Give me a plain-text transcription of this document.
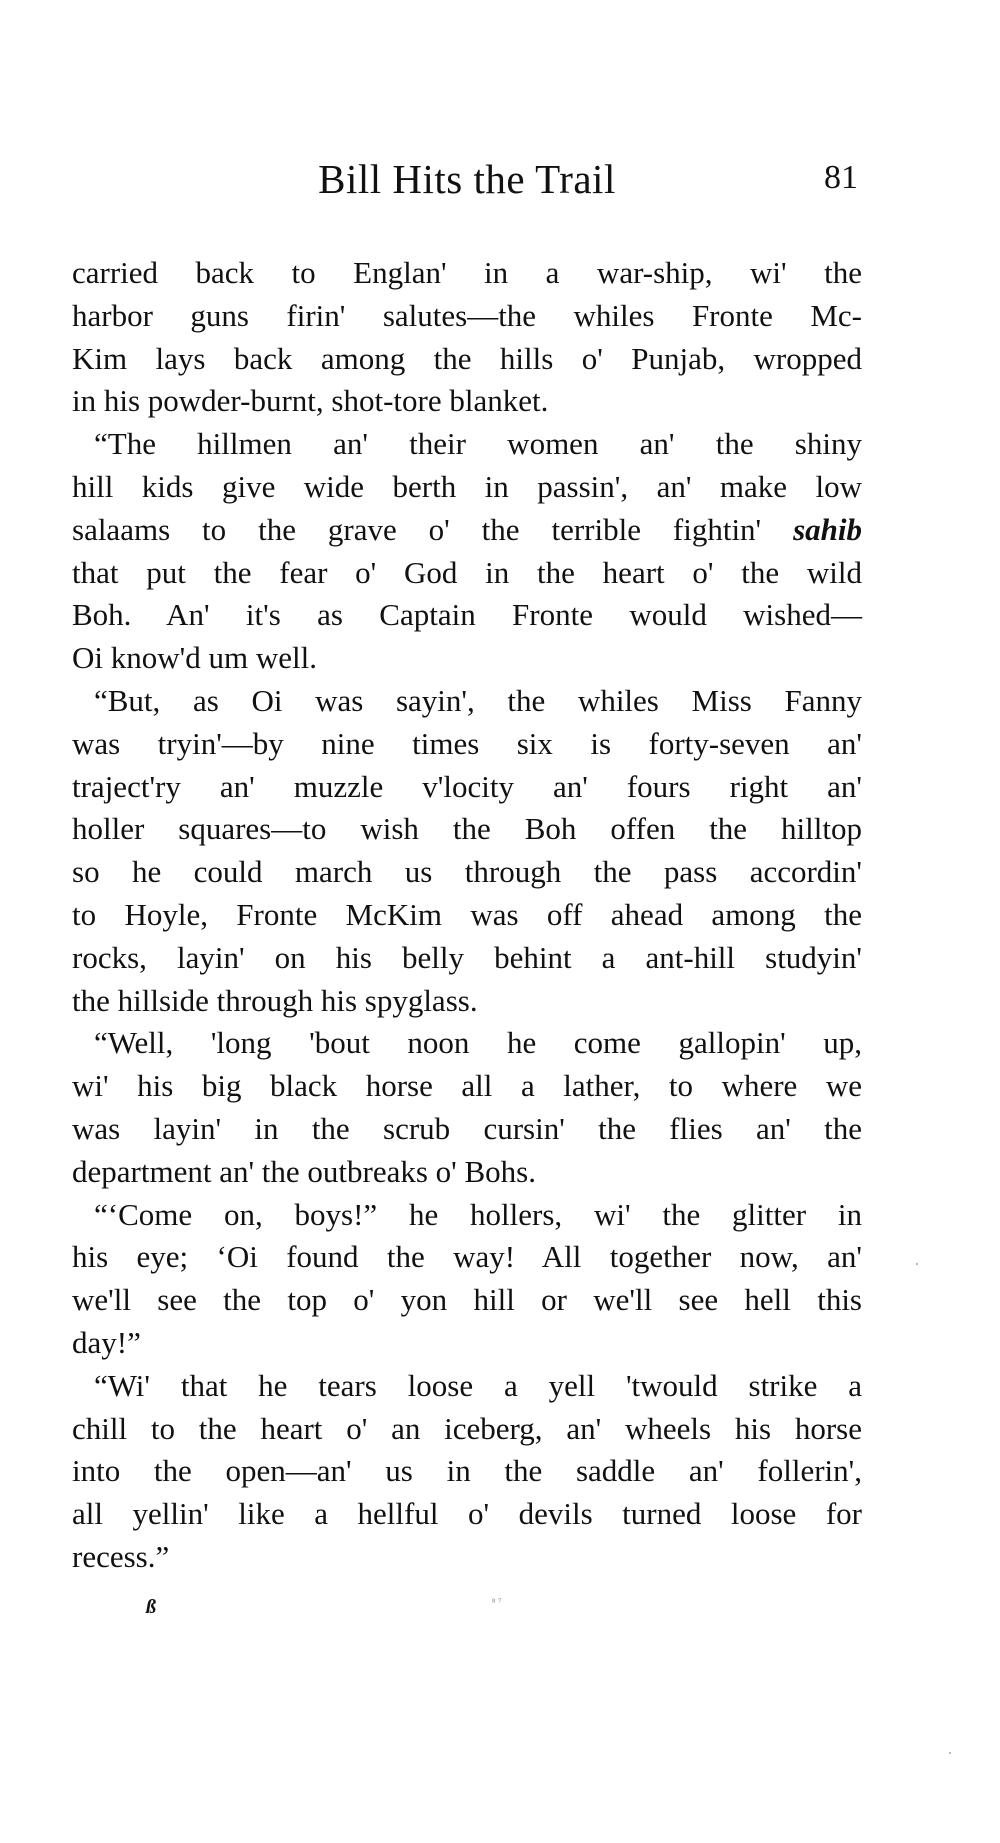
Bill Hits the Trail	81
carried back to Englan' in a war-ship, wi' the
harbor guns firin' salutes—the whiles Fronte Mc-
Kim lays back among the hills o' Punjab, wropped
in his powder-burnt, shot-tore blanket.
“The hillmen an' their women an' the shiny
hill kids give wide berth in passin', an' make low
salaams to the grave o' the terrible fightin' sahib
that put the fear o' God in the heart o' the wild
Boh. An' it's as Captain Fronte would wished—
Oi know'd um well.
“But, as Oi was sayin', the whiles Miss Fanny
was tryin'—by nine times six is forty-seven an'
traject'ry an' muzzle v'locity an' fours right an'
holler squares—to wish the Boh offen the hilltop
so he could march us through the pass accordin'
to Hoyle, Fronte McKim was off ahead among the
rocks, layin' on his belly behint a ant-hill studyin'
the hillside through his spyglass.
“Well, 'long 'bout noon he come gallopin' up,
wi' his big black horse all a lather, to where we
was layin' in the scrub cursin' the flies an' the
department an' the outbreaks o' Bohs.
“‘Come on, boys!” he hollers, wi' the glitter in
his eye; ‘Oi found the way! All together now, an'
we'll see the top o' yon hill or we'll see hell this
day!”
“Wi' that he tears loose a yell 'twould strike a
chill to the heart o' an iceberg, an' wheels his horse
into the open—an' us in the saddle an' follerin',
all yellin' like a hellful o' devils turned loose for
recess.”
ß	⁸ ⁷
